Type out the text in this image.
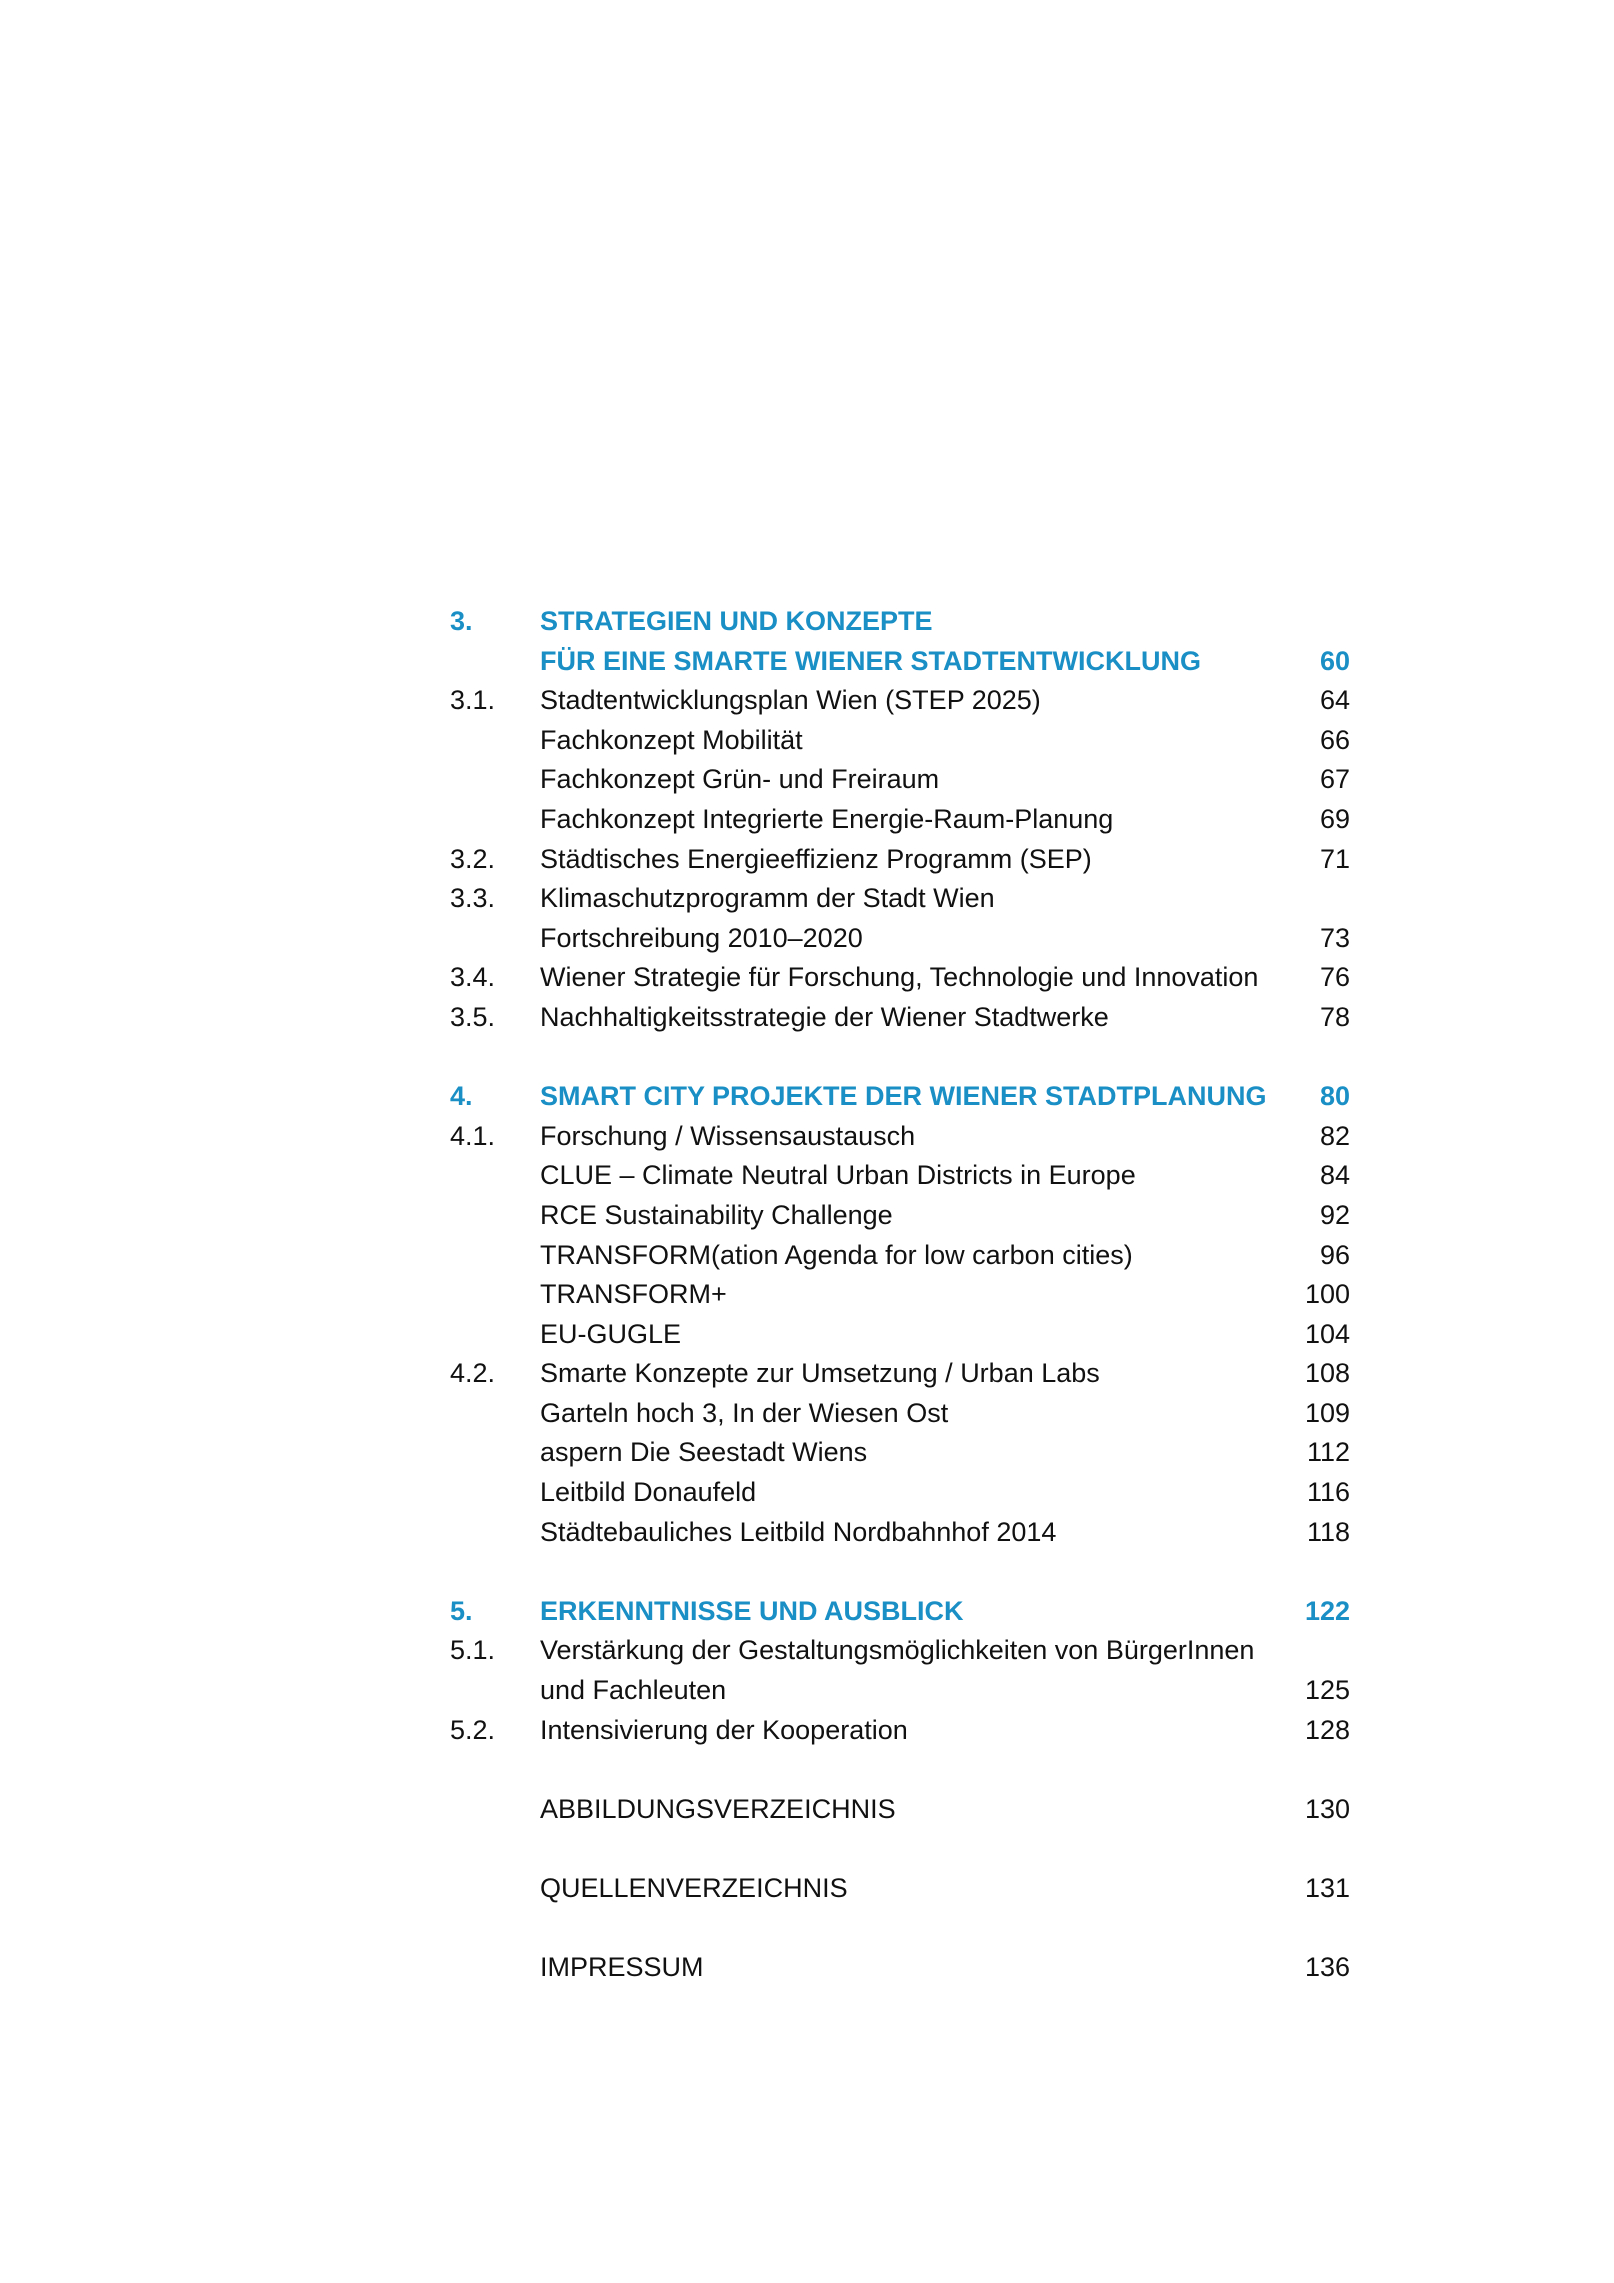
3. STRATEGIEN UND KONZEPTE
FÜR EINE SMARTE WIENER STADTENTWICKLUNG	60
3.1. Stadtentwicklungsplan Wien (STEP 2025)	64
Fachkonzept Mobilität	66
Fachkonzept Grün- und Freiraum	67
Fachkonzept Integrierte Energie-Raum-Planung	69
3.2. Städtisches Energieeffizienz Programm (SEP)	71
3.3. Klimaschutzprogramm der Stadt Wien
Fortschreibung 2010–2020	73
3.4. Wiener Strategie für Forschung, Technologie und Innovation 76
3.5. Nachhaltigkeitsstrategie der Wiener Stadtwerke	78
4. SMART CITY PROJEKTE DER WIENER STADTPLANUNG 80
4.1. Forschung / Wissensaustausch	82
CLUE – Climate Neutral Urban Districts in Europe	84
RCE Sustainability Challenge	92
TRANSFORM(ation Agenda for low carbon cities)	96
TRANSFORM+	100
EU-GUGLE	104
4.2. Smarte Konzepte zur Umsetzung / Urban Labs	108
Garteln hoch 3, In der Wiesen Ost	109
aspern Die Seestadt Wiens	112
Leitbild Donaufeld	116
Städtebauliches Leitbild Nordbahnhof 2014	118
5. ERKENNTNISSE UND AUSBLICK	122
5.1. Verstärkung der Gestaltungsmöglichkeiten von BürgerInnen
und Fachleuten	125
5.2. Intensivierung der Kooperation	128
ABBILDUNGSVERZEICHNIS	130
QUELLENVERZEICHNIS	131
IMPRESSUM	136
